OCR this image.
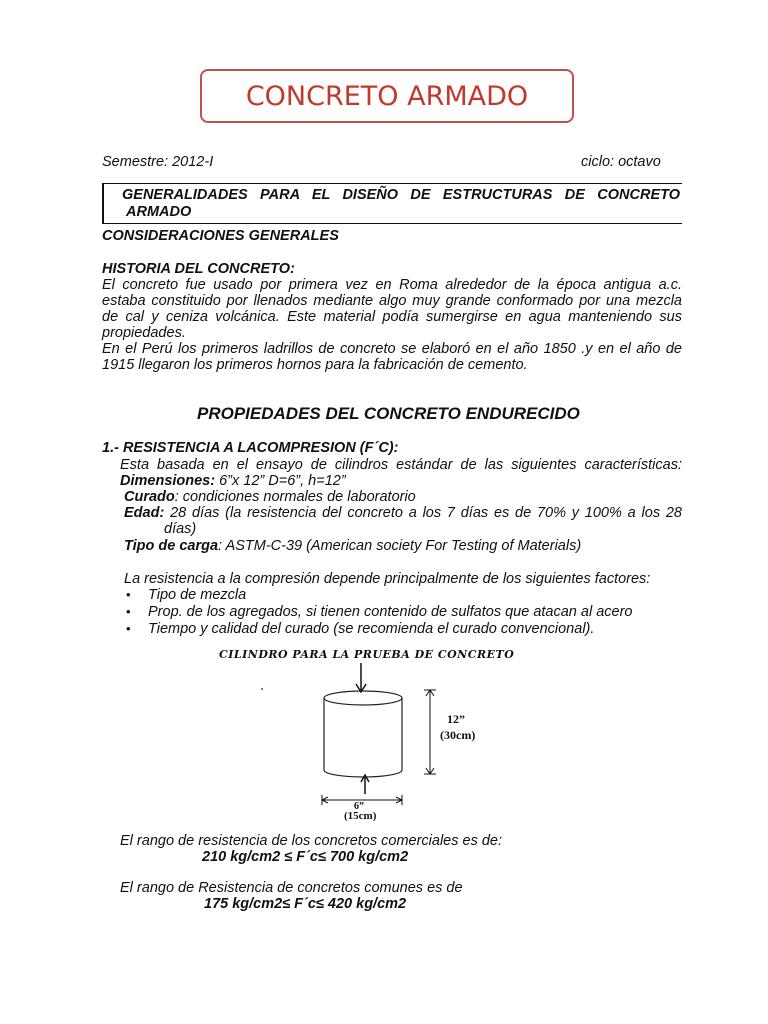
CONCRETO ARMADO
Semestre: 2012-I	ciclo: octavo
GENERALIDADES PARA EL DISEÑO DE ESTRUCTURAS DE CONCRETO
ARMADO
CONSIDERACIONES GENERALES
HISTORIA DEL CONCRETO:
El concreto fue usado por primera vez en Roma alrededor de la época antigua a.c.
estaba constituido por llenados mediante algo muy grande conformado por una mezcla
de cal y ceniza volcánica. Este material podía sumergirse en agua manteniendo sus
propiedades.
En el Perú los primeros ladrillos de concreto se elaboró en el año 1850 .y en el año de
1915 llegaron los primeros hornos para la fabricación de cemento.
PROPIEDADES DEL CONCRETO ENDURECIDO
1.- RESISTENCIA A LACOMPRESION (F´C):
Esta basada en el ensayo de cilindros estándar de las siguientes características:
Dimensiones: 6”x 12” D=6”, h=12”
Curado: condiciones normales de laboratorio
Edad: 28 días (la resistencia del concreto a los 7 días es de 70% y 100% a los 28
días)
Tipo de carga: ASTM-C-39 (American society For Testing of Materials)
La resistencia a la compresión depende principalmente de los siguientes factores:
• Tipo de mezcla
• Prop. de los agregados, si tienen contenido de sulfatos que atacan al acero
• Tiempo y calidad del curado (se recomienda el curado convencional).
CILINDRO PARA LA PRUEBA DE CONCRETO
12”
(30cm)
6”
(15cm)
El rango de resistencia de los concretos comerciales es de:
210 kg/cm2 ≤ F´c≤ 700 kg/cm2
El rango de Resistencia de concretos comunes es de
175 kg/cm2≤ F´c≤ 420 kg/cm2
